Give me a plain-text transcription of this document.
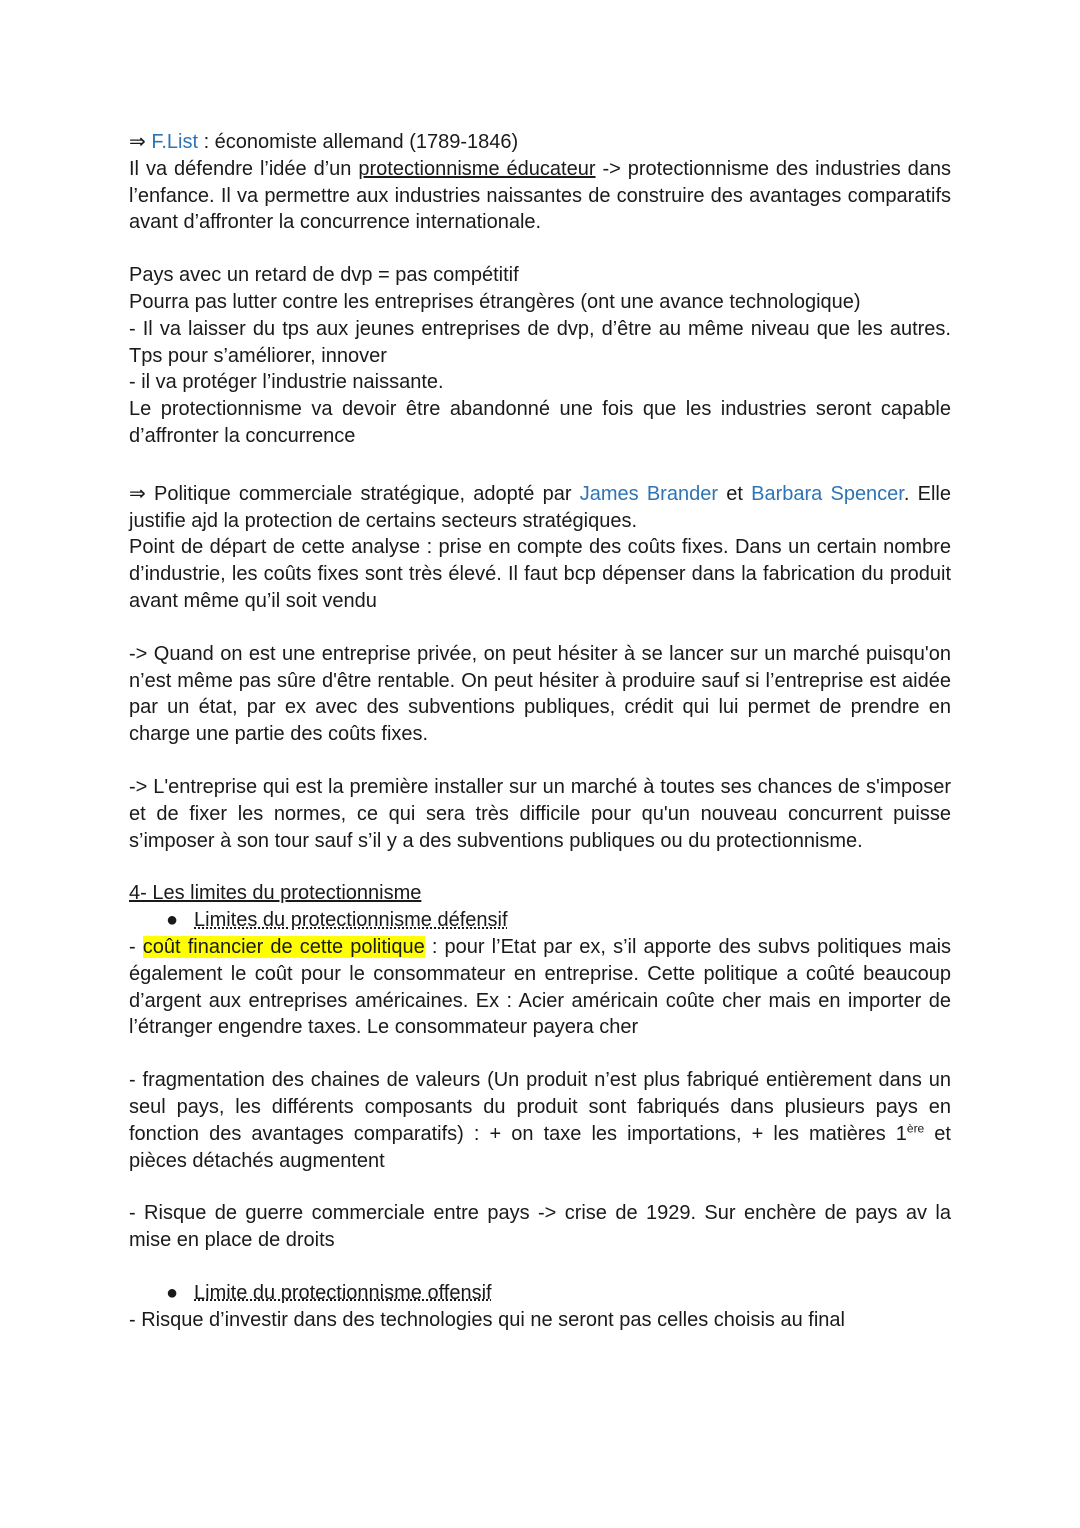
⇒ F.List : économiste allemand (1789-1846)

Il va défendre l’idée d’un protectionnisme éducateur -> protectionnisme des industries dans l’enfance. Il va permettre aux industries naissantes de construire des avantages comparatifs avant d’affronter la concurrence internationale.

Pays avec un retard de dvp = pas compétitif

Pourra pas lutter contre les entreprises étrangères (ont une avance technologique)

- Il va laisser du tps aux jeunes entreprises de dvp, d’être au même niveau que les autres. Tps pour s’améliorer, innover

- il va protéger l’industrie naissante.

Le protectionnisme va devoir être abandonné une fois que les industries seront capable d’affronter la concurrence

⇒ Politique commerciale stratégique, adopté par James Brander et Barbara Spencer. Elle justifie ajd la protection de certains secteurs stratégiques.

Point de départ de cette analyse : prise en compte des coûts fixes. Dans un certain nombre d’industrie, les coûts fixes sont très élevé. Il faut bcp dépenser dans la fabrication du produit avant même qu’il soit vendu

-> Quand on est une entreprise privée, on peut hésiter à se lancer sur un marché puisqu'on n’est même pas sûre d'être rentable. On peut hésiter à produire sauf si l’entreprise est aidée par un état, par ex avec des subventions publiques, crédit qui lui permet de prendre en charge une partie des coûts fixes.

-> L'entreprise qui est la première installer sur un marché à toutes ses chances de s'imposer et de fixer les normes, ce qui sera très difficile pour qu'un nouveau concurrent puisse s’imposer à son tour sauf s’il y a des subventions publiques ou du protectionnisme.

4- Les limites du protectionnisme

● Limites du protectionnisme défensif

- coût financier de cette politique : pour l’Etat par ex, s’il apporte des subvs politiques mais également le coût pour le consommateur en entreprise. Cette politique a coûté beaucoup d’argent aux entreprises américaines. Ex : Acier américain coûte cher mais en importer de l’étranger engendre taxes. Le consommateur payera cher

- fragmentation des chaines de valeurs (Un produit n’est plus fabriqué entièrement dans un seul pays, les différents composants du produit sont fabriqués dans plusieurs pays en fonction des avantages comparatifs) : + on taxe les importations, + les matières 1ère et pièces détachés augmentent

- Risque de guerre commerciale entre pays -> crise de 1929. Sur enchère de pays av la mise en place de droits

● Limite du protectionnisme offensif

- Risque d’investir dans des technologies qui ne seront pas celles choisis au final
